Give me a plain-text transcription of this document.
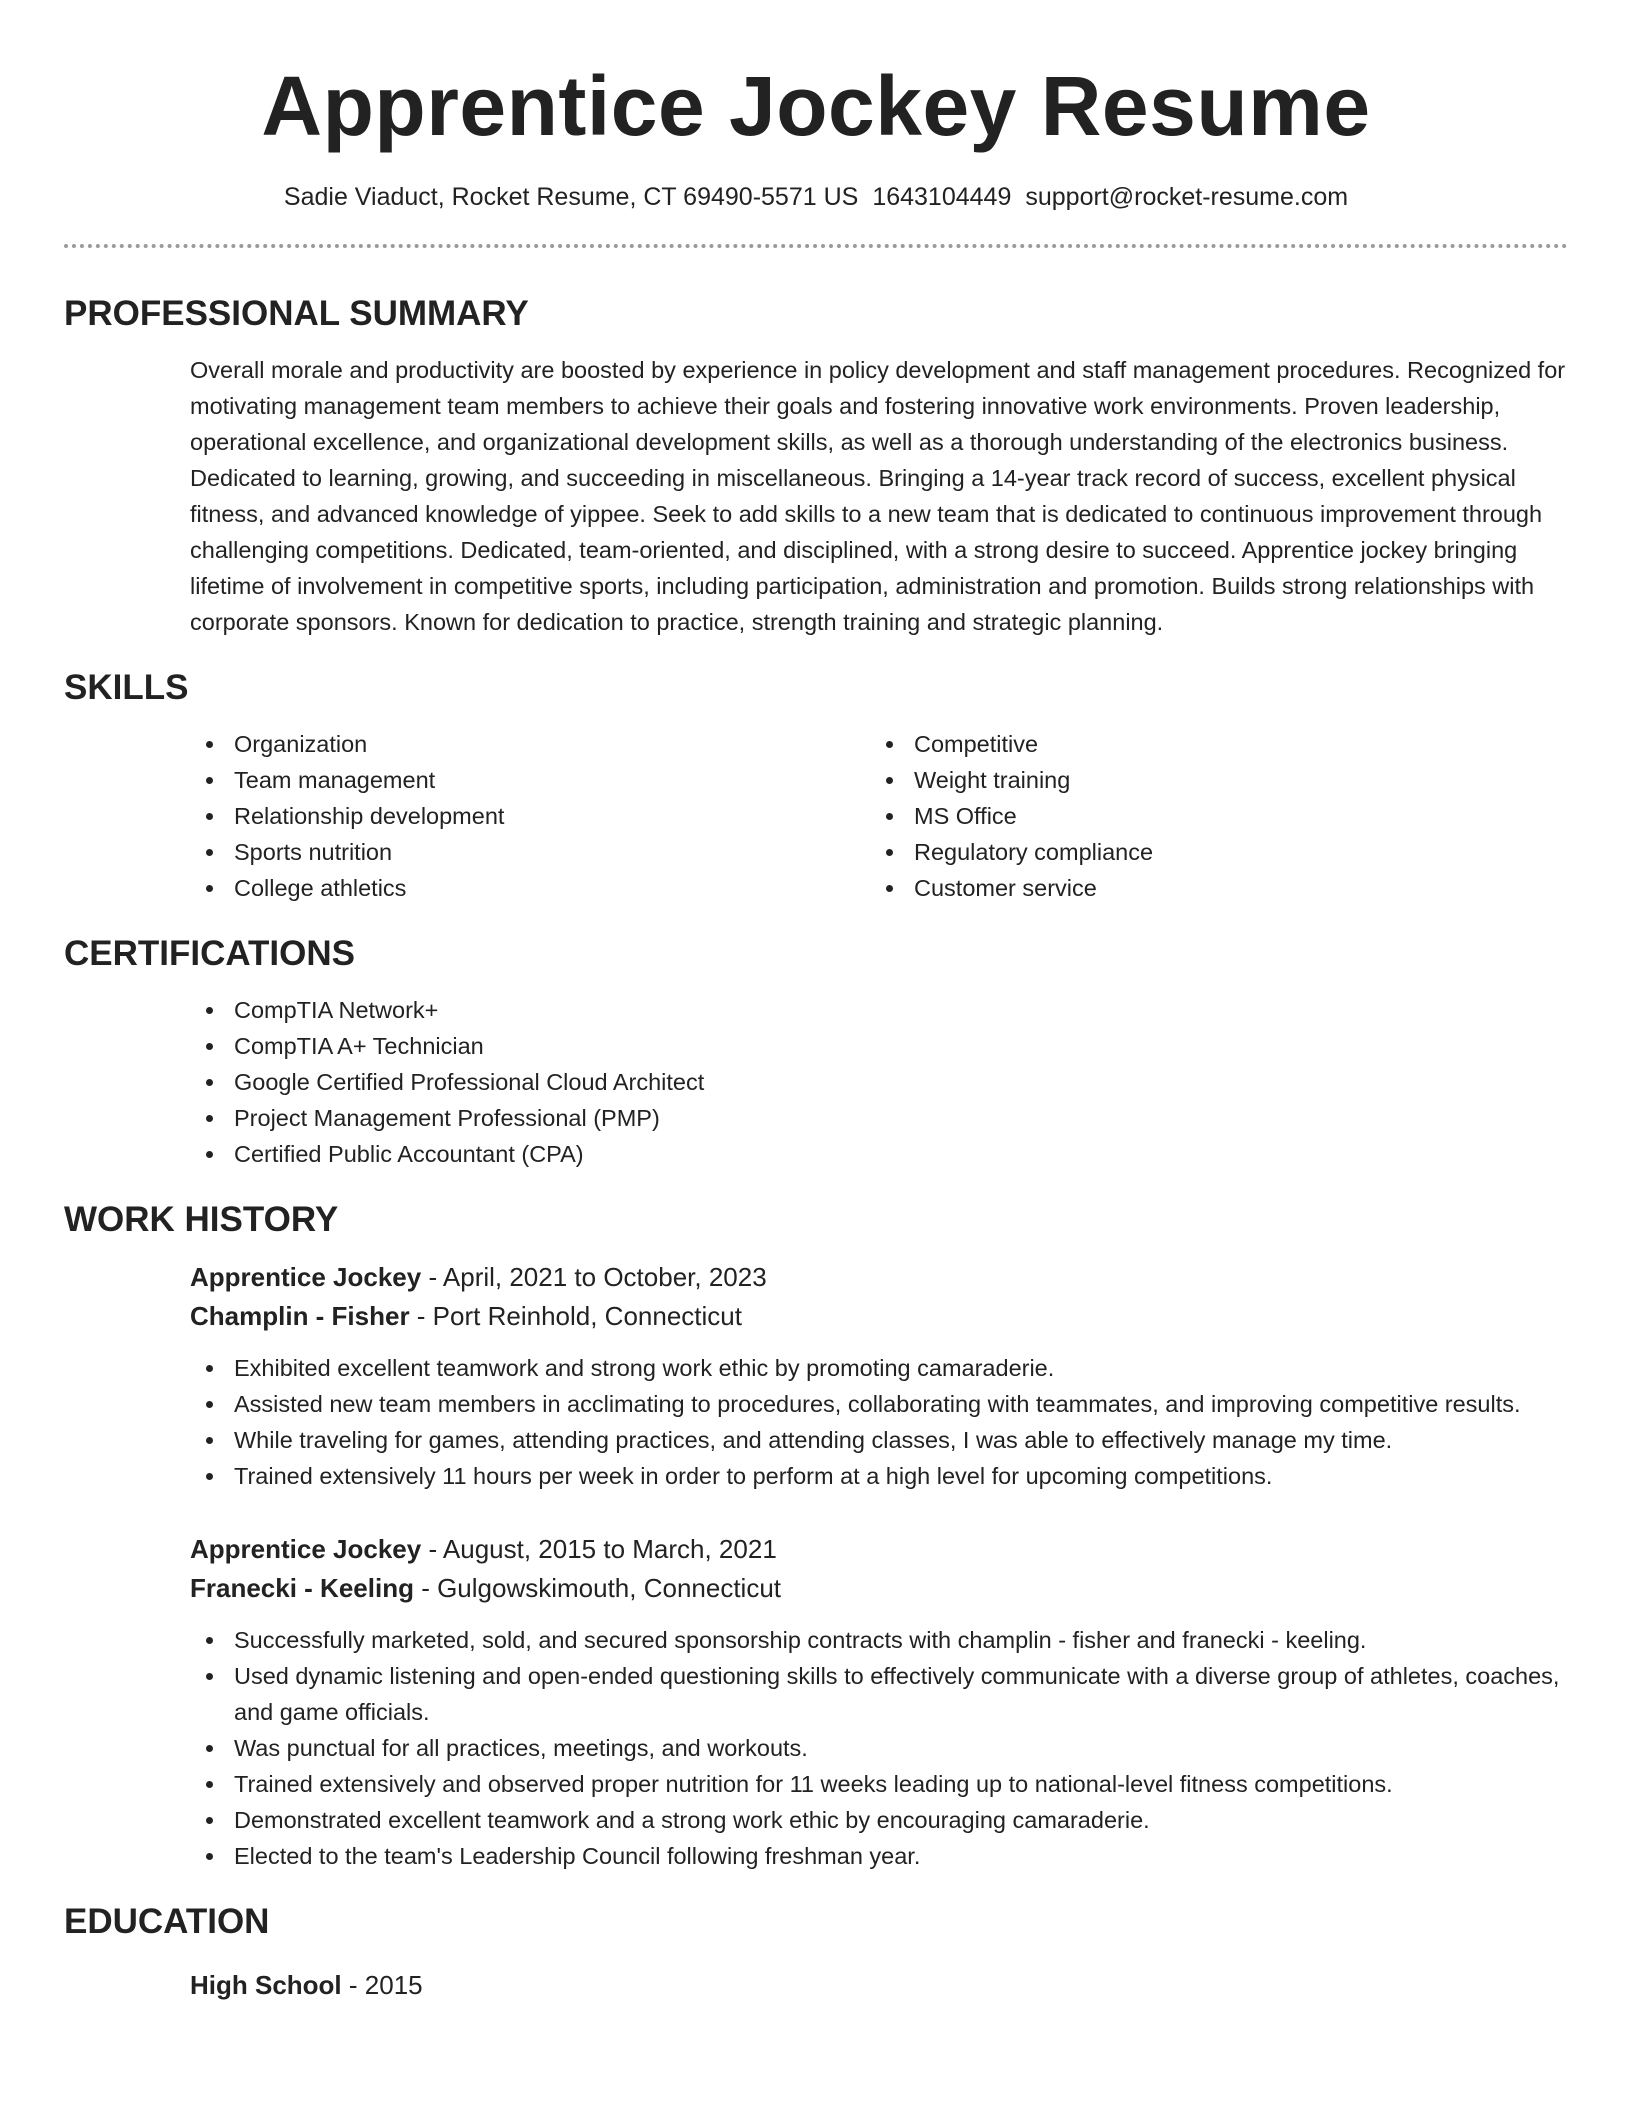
Apprentice Jockey Resume
Sadie Viaduct, Rocket Resume, CT 69490-5571 US 1643104449 support@rocket-resume.com
PROFESSIONAL SUMMARY
Overall morale and productivity are boosted by experience in policy development and staff management procedures. Recognized for motivating management team members to achieve their goals and fostering innovative work environments. Proven leadership, operational excellence, and organizational development skills, as well as a thorough understanding of the electronics business. Dedicated to learning, growing, and succeeding in miscellaneous. Bringing a 14-year track record of success, excellent physical fitness, and advanced knowledge of yippee. Seek to add skills to a new team that is dedicated to continuous improvement through challenging competitions. Dedicated, team-oriented, and disciplined, with a strong desire to succeed. Apprentice jockey bringing lifetime of involvement in competitive sports, including participation, administration and promotion. Builds strong relationships with corporate sponsors. Known for dedication to practice, strength training and strategic planning.
SKILLS
Organization
Team management
Relationship development
Sports nutrition
College athletics
Competitive
Weight training
MS Office
Regulatory compliance
Customer service
CERTIFICATIONS
CompTIA Network+
CompTIA A+ Technician
Google Certified Professional Cloud Architect
Project Management Professional (PMP)
Certified Public Accountant (CPA)
WORK HISTORY
Apprentice Jockey - April, 2021 to October, 2023
Champlin - Fisher - Port Reinhold, Connecticut
Exhibited excellent teamwork and strong work ethic by promoting camaraderie.
Assisted new team members in acclimating to procedures, collaborating with teammates, and improving competitive results.
While traveling for games, attending practices, and attending classes, I was able to effectively manage my time.
Trained extensively 11 hours per week in order to perform at a high level for upcoming competitions.
Apprentice Jockey - August, 2015 to March, 2021
Franecki - Keeling - Gulgowskimouth, Connecticut
Successfully marketed, sold, and secured sponsorship contracts with champlin - fisher and franecki - keeling.
Used dynamic listening and open-ended questioning skills to effectively communicate with a diverse group of athletes, coaches, and game officials.
Was punctual for all practices, meetings, and workouts.
Trained extensively and observed proper nutrition for 11 weeks leading up to national-level fitness competitions.
Demonstrated excellent teamwork and a strong work ethic by encouraging camaraderie.
Elected to the team's Leadership Council following freshman year.
EDUCATION
High School - 2015
